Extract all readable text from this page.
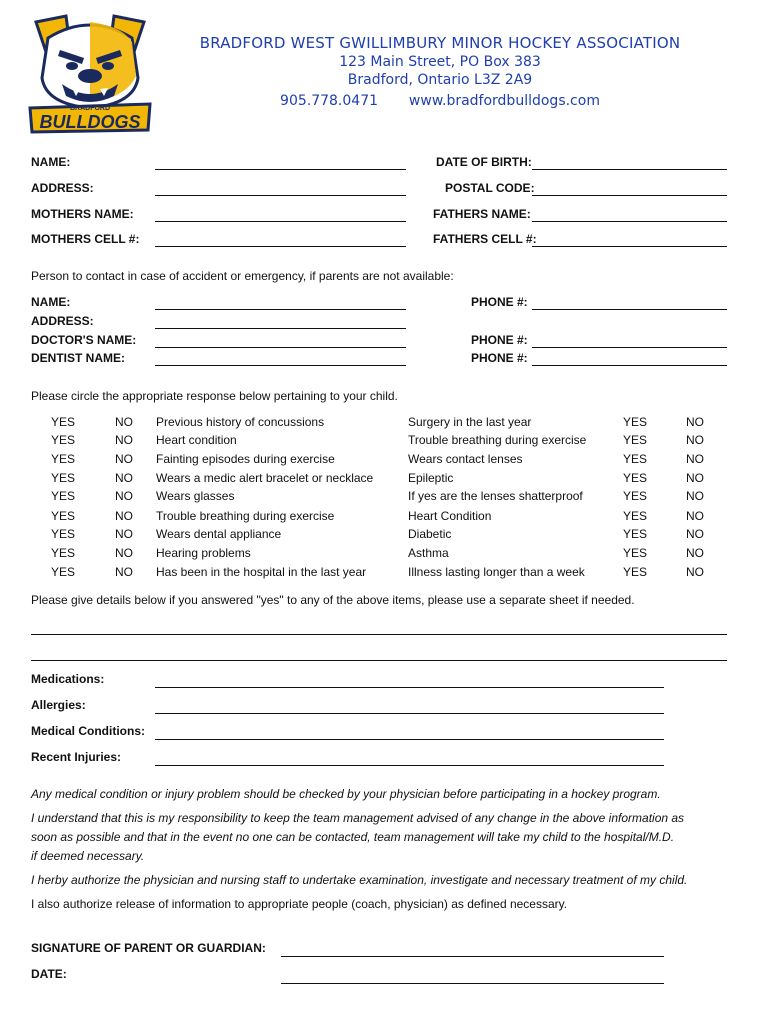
BRADFORD
BULLDOGS
BRADFORD WEST GWILLIMBURY MINOR HOCKEY ASSOCIATION
123 Main Street, PO Box 383
Bradford, Ontario L3Z 2A9
905.778.0471 www.bradfordbulldogs.com
NAME:	DATE OF BIRTH:
ADDRESS:	POSTAL CODE:
MOTHERS NAME:	FATHERS NAME:
MOTHERS CELL #:	FATHERS CELL #:
Person to contact in case of accident or emergency, if parents are not available:
NAME:	PHONE #:
ADDRESS:
DOCTOR'S NAME:	PHONE #:
DENTIST NAME:	PHONE #:
Please circle the appropriate response below pertaining to your child.
YES	NO Previous history of concussions	Surgery in the last year	YES	NO
YES	NO Heart condition	Trouble breathing during exercise	YES	NO
YES	NO Fainting episodes during exercise	Wears contact lenses	YES	NO
YES	NO Wears a medic alert bracelet or necklace	Epileptic	YES	NO
YES	NO Wears glasses	If yes are the lenses shatterproof	YES	NO
YES	NO Trouble breathing during exercise	Heart Condition	YES	NO
YES	NO Wears dental appliance	Diabetic	YES	NO
YES	NO Hearing problems	Asthma	YES	NO
YES	NO Has been in the hospital in the last year	Illness lasting longer than a week	YES	NO
Please give details below if you answered "yes" to any of the above items, please use a separate sheet if needed.
Medications:
Allergies:
Medical Conditions:
Recent Injuries:
Any medical condition or injury problem should be checked by your physician before participating in a hockey program.
I understand that this is my responsibility to keep the team management advised of any change in the above information as
soon as possible and that in the event no one can be contacted, team management will take my child to the hospital/M.D.
if deemed necessary.
I herby authorize the physician and nursing staff to undertake examination, investigate and necessary treatment of my child.
I also authorize release of information to appropriate people (coach, physician) as defined necessary.
SIGNATURE OF PARENT OR GUARDIAN:
DATE:
